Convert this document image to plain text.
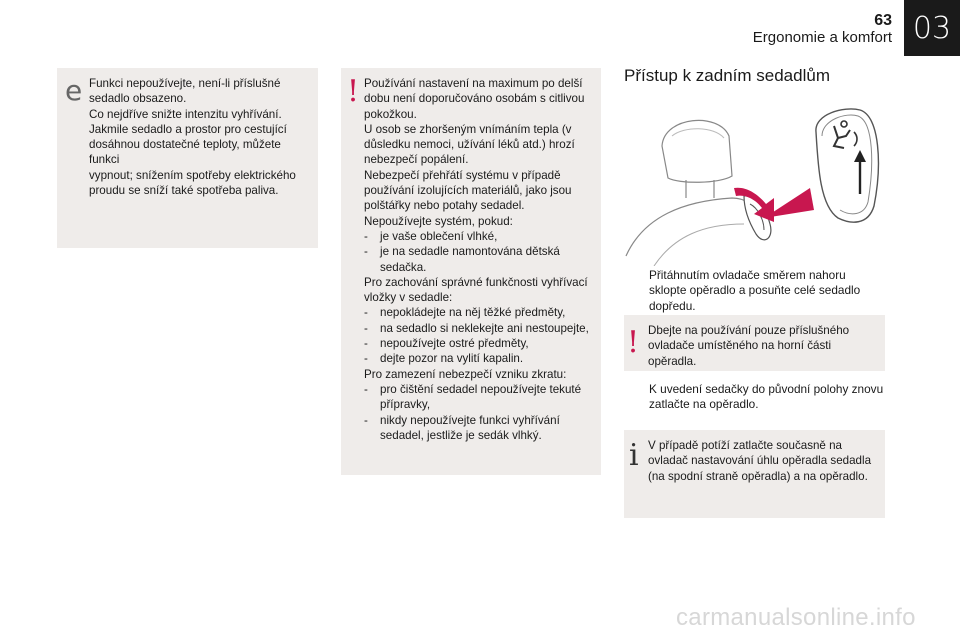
63
Ergonomie a komfort 03
e Funkci nepoužívejte, není-li příslušné

sedadlo obsazeno.

Co nejdříve snižte intenzitu vyhřívání.

Jakmile sedadlo a prostor pro cestující

dosáhnou dostatečné teploty, můžete funkci

vypnout; snížením spotřeby elektrického

proudu se sníží také spotřeba paliva.

! Používání nastavení na maximum po delší

dobu není doporučováno osobám s citlivou

pokožkou.

U osob se zhoršeným vnímáním tepla (v

důsledku nemoci, užívání léků atd.) hrozí

nebezpečí popálení.

Nebezpečí přehřátí systému v případě

používání izolujících materiálů, jako jsou

polštářky nebo potahy sedadel.

Nepoužívejte systém, pokud:

-	je vaše oblečení vlhké,
-	je na sedadle namontována dětská sedačka.

Pro zachování správné funkčnosti vyhřívací vložky v sedadle:

-	nepokládejte na něj těžké předměty,
-	na sedadlo si neklekejte ani nestoupejte,
-	nepoužívejte ostré předměty,
-	dejte pozor na vylití kapalin.

Pro zamezení nebezpečí vzniku zkratu:

-	pro čištění sedadel nepoužívejte tekuté přípravky,
-	nikdy nepoužívejte funkci vyhřívání sedadel, jestliže je sedák vlhký.
Přístup k zadním sedadlům
Přitáhnutím ovladače směrem nahoru sklopte opěradlo a posuňte celé sedadlo dopředu.
! Dbejte na používání pouze příslušného ovladače umístěného na horní části opěradla.
K uvedení sedačky do původní polohy znovu zatlačte na opěradlo.
i V případě potíží zatlačte současně na ovladač nastavování úhlu opěradla sedadla (na spodní straně opěradla) a na opěradlo.
carmanualsonline.info
